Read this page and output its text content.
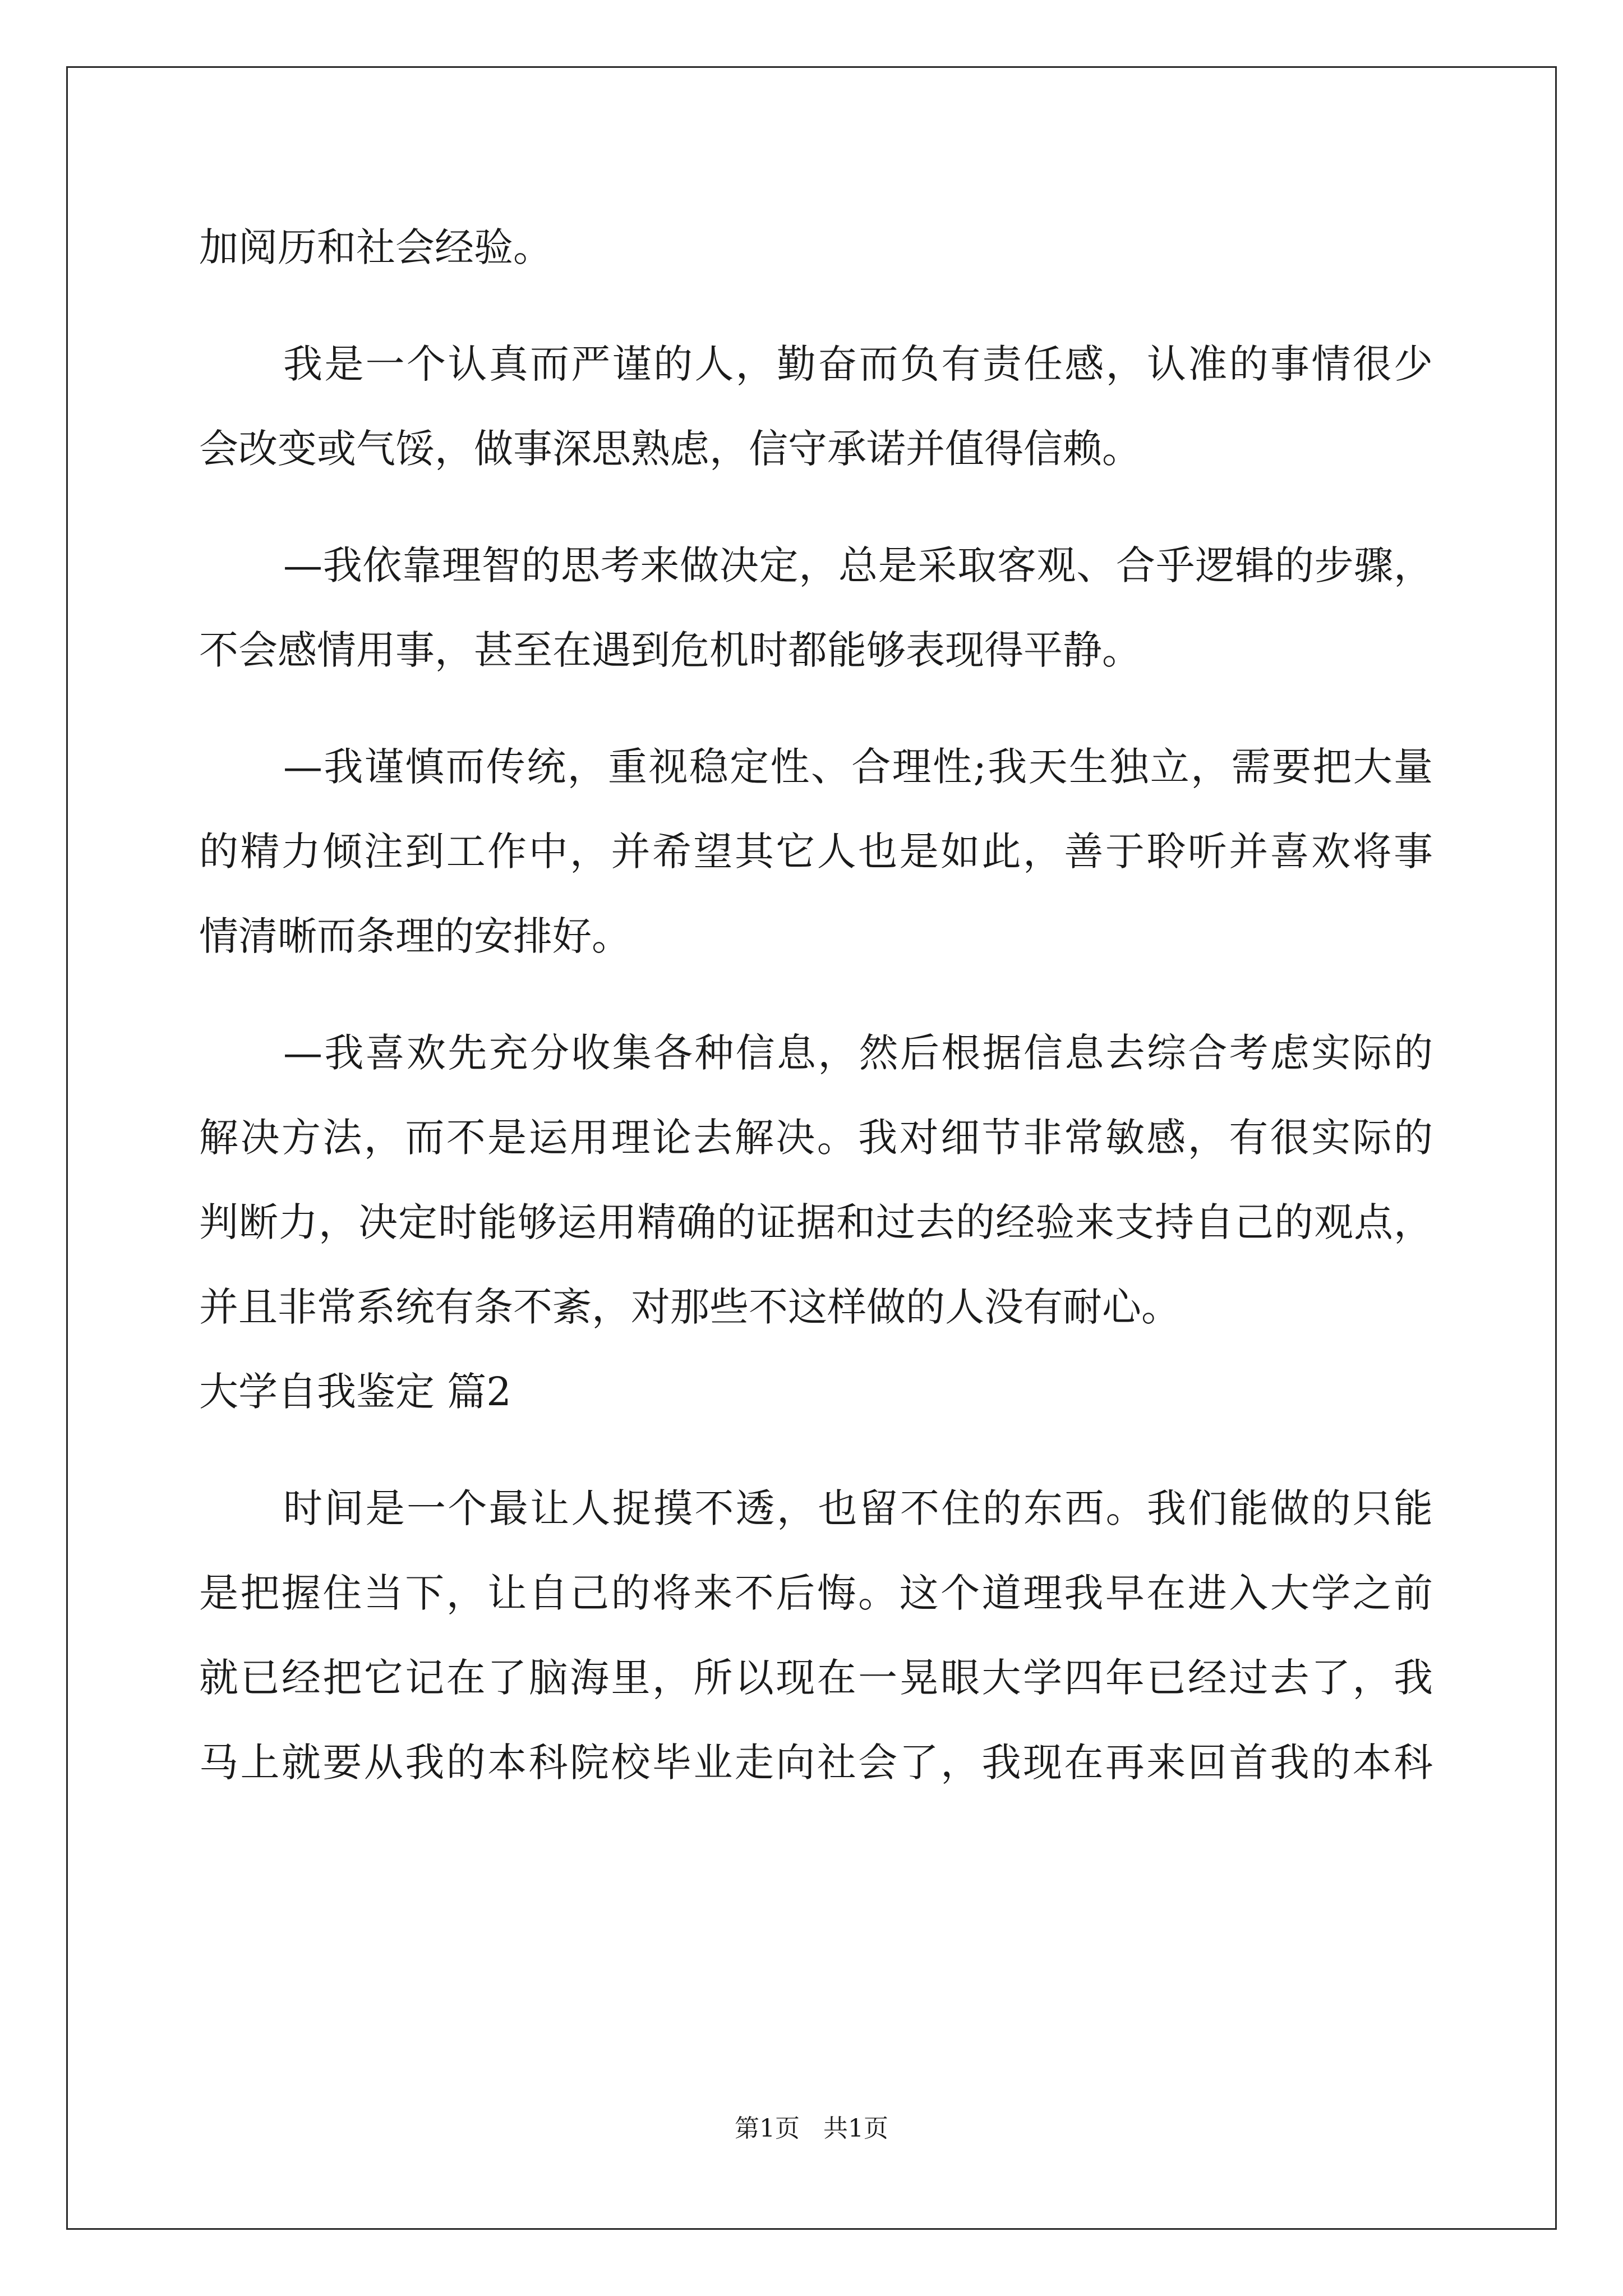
加阅历和社会经验。
我是一个认真而严谨的人，勤奋而负有责任感，认准的事情很少
会改变或气馁，做事深思熟虑，信守承诺并值得信赖。
—我依靠理智的思考来做决定，总是采取客观、合乎逻辑的步骤，
不会感情用事，甚至在遇到危机时都能够表现得平静。
—我谨慎而传统，重视稳定性、合理性;我天生独立，需要把大量
的精力倾注到工作中，并希望其它人也是如此，善于聆听并喜欢将事
情清晰而条理的安排好。
—我喜欢先充分收集各种信息，然后根据信息去综合考虑实际的
解决方法，而不是运用理论去解决。我对细节非常敏感，有很实际的
判断力，决定时能够运用精确的证据和过去的经验来支持自己的观点，
并且非常系统有条不紊，对那些不这样做的人没有耐心。
大学自我鉴定 篇2
时间是一个最让人捉摸不透，也留不住的东西。我们能做的只能
是把握住当下，让自己的将来不后悔。这个道理我早在进入大学之前
就已经把它记在了脑海里，所以现在一晃眼大学四年已经过去了，我
马上就要从我的本科院校毕业走向社会了，我现在再来回首我的本科
第1页   共1页
